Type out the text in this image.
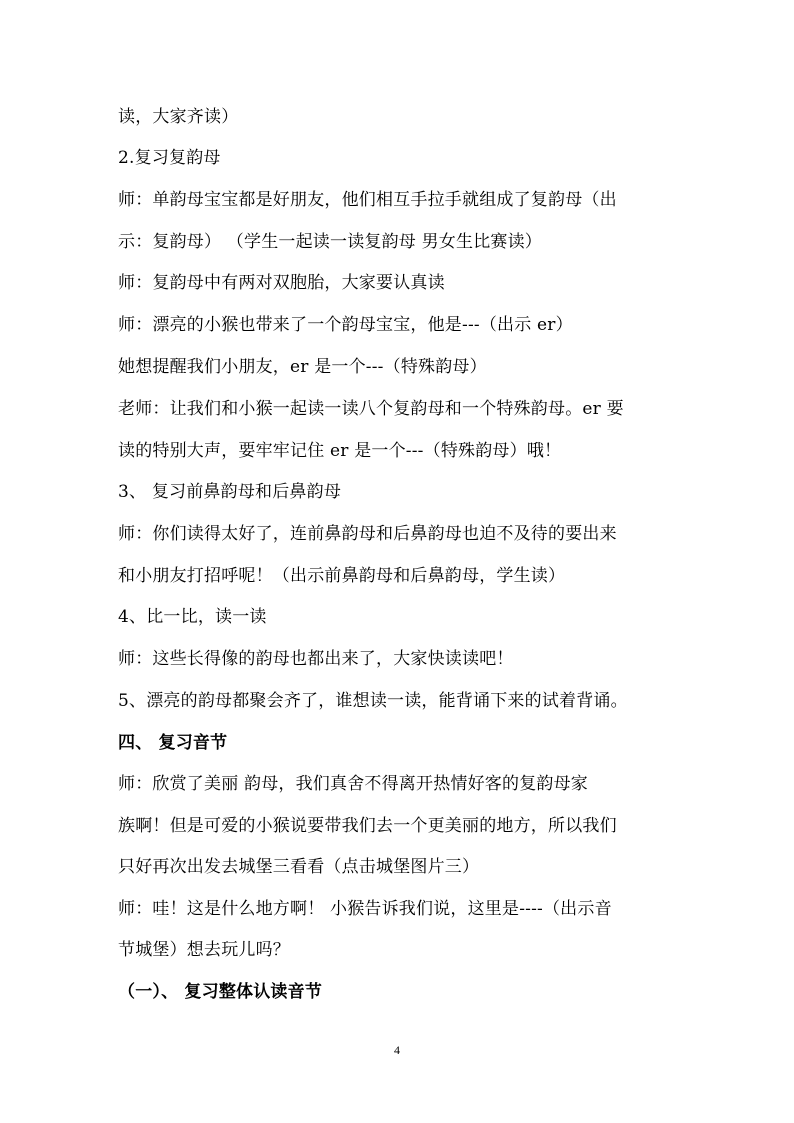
读，大家齐读）
2.复习复韵母
师：单韵母宝宝都是好朋友，他们相互手拉手就组成了复韵母（出
示：复韵母） （学生一起读一读复韵母 男女生比赛读）
师：复韵母中有两对双胞胎，大家要认真读
师：漂亮的小猴也带来了一个韵母宝宝，他是---（出示 er）
她想提醒我们小朋友，er 是一个---（特殊韵母）
老师：让我们和小猴一起读一读八个复韵母和一个特殊韵母。er 要
读的特别大声，要牢牢记住 er 是一个---（特殊韵母）哦！
3、 复习前鼻韵母和后鼻韵母
师：你们读得太好了，连前鼻韵母和后鼻韵母也迫不及待的要出来
和小朋友打招呼呢！（出示前鼻韵母和后鼻韵母，学生读）
4、比一比，读一读
师：这些长得像的韵母也都出来了，大家快读读吧！
5、漂亮的韵母都聚会齐了，谁想读一读，能背诵下来的试着背诵。
四、 复习音节
师：欣赏了美丽 韵母，我们真舍不得离开热情好客的复韵母家
族啊！但是可爱的小猴说要带我们去一个更美丽的地方，所以我们
只好再次出发去城堡三看看（点击城堡图片三）
师：哇！这是什么地方啊！ 小猴告诉我们说，这里是----（出示音
节城堡）想去玩儿吗？
（一）、 复习整体认读音节
4
